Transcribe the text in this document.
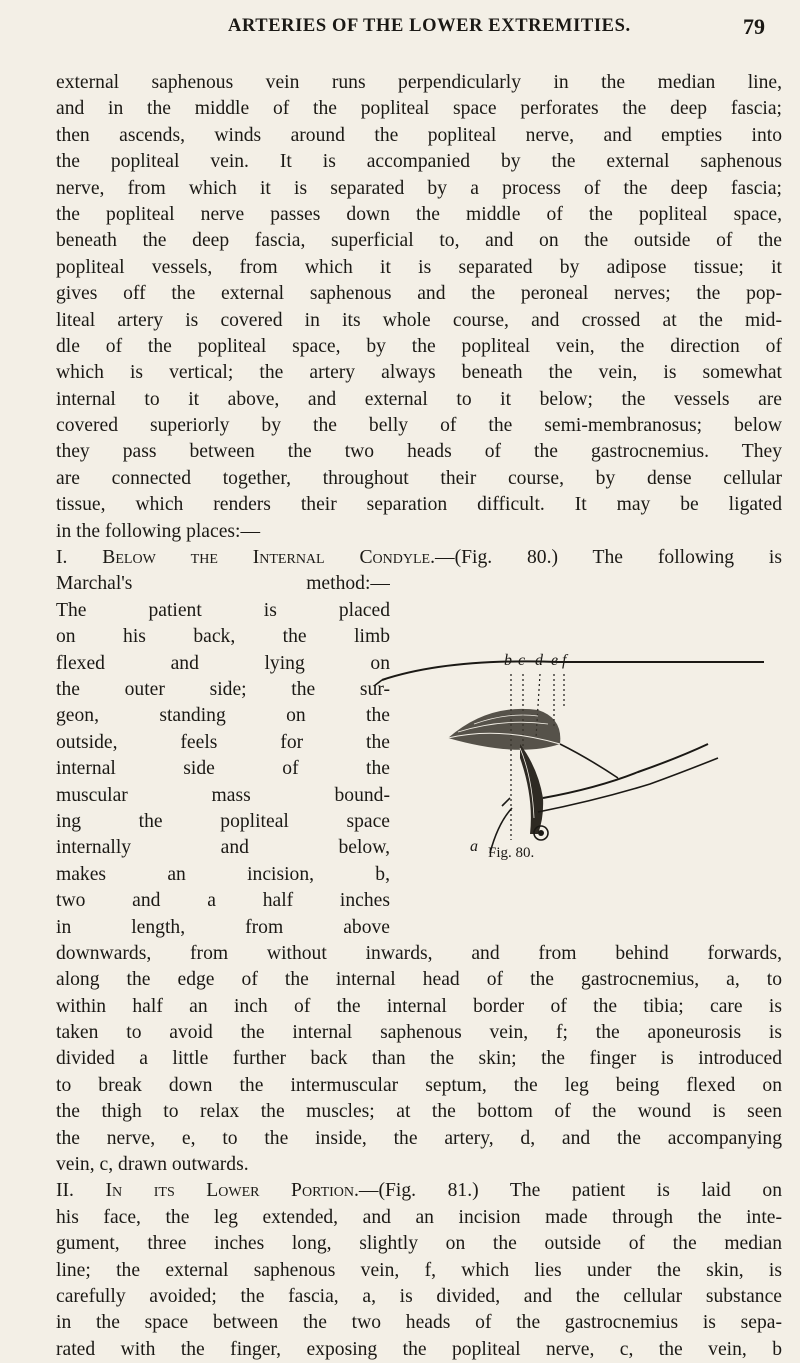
ARTERIES OF THE LOWER EXTREMITIES.	79
external saphenous vein runs perpendicularly in the median line,
and in the middle of the popliteal space perforates the deep fascia;
then ascends, winds around the popliteal nerve, and empties into
the popliteal vein. It is accompanied by the external saphenous
nerve, from which it is separated by a process of the deep fascia;
the popliteal nerve passes down the middle of the popliteal space,
beneath the deep fascia, superficial to, and on the outside of the
popliteal vessels, from which it is separated by adipose tissue; it
gives off the external saphenous and the peroneal nerves; the pop-
liteal artery is covered in its whole course, and crossed at the mid-
dle of the popliteal space, by the popliteal vein, the direction of
which is vertical; the artery always beneath the vein, is somewhat
internal to it above, and external to it below; the vessels are
covered superiorly by the belly of the semi-membranosus; below
they pass between the two heads of the gastrocnemius. They
are connected together, throughout their course, by dense cellular
tissue, which renders their separation difficult. It may be ligated
in the following places:—
I. Below the Internal Condyle.—(Fig. 80.) The following is
Marchal's method:—
The patient is placed
on his back, the limb
flexed and lying on
the outer side; the sur-
geon, standing on the
outside, feels for the
internal side of the
muscular mass bound-
ing the popliteal space
internally and below,
makes an incision, b,
two and a half inches
in length, from above
downwards, from without inwards, and from behind forwards,
along the edge of the internal head of the gastrocnemius, a, to
within half an inch of the internal border of the tibia; care is
taken to avoid the internal saphenous vein, f; the aponeurosis is
divided a little further back than the skin; the finger is introduced
to break down the intermuscular septum, the leg being flexed on
the thigh to relax the muscles; at the bottom of the wound is seen
the nerve, e, to the inside, the artery, d, and the accompanying
vein, c, drawn outwards.
II. In its Lower Portion.—(Fig. 81.) The patient is laid on
his face, the leg extended, and an incision made through the inte-
gument, three inches long, slightly on the outside of the median
line; the external saphenous vein, f, which lies under the skin, is
carefully avoided; the fascia, a, is divided, and the cellular substance
in the space between the two heads of the gastrocnemius is sepa-
rated with the finger, exposing the popliteal nerve, c, the vein, b
b c d e f
a Fig. 80.
